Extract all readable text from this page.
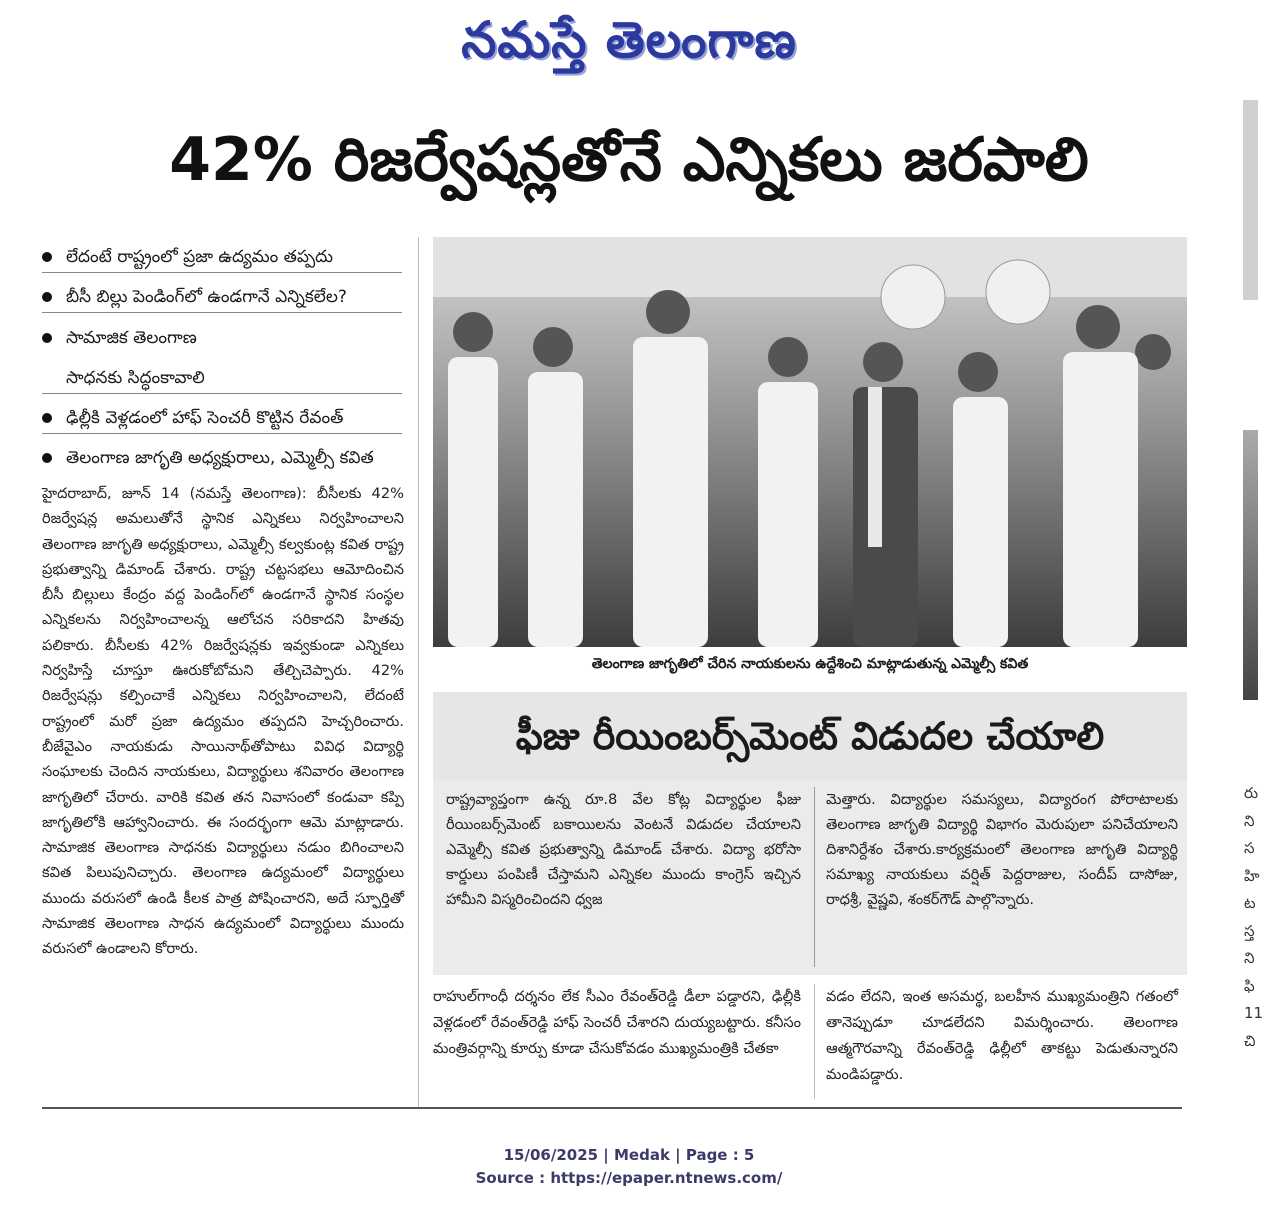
నమస్తే తెలంగాణ
42% రిజర్వేషన్లతోనే ఎన్నికలు జరపాలి
లేదంటే రాష్ట్రంలో ప్రజా ఉద్యమం తప్పదు
బీసీ బిల్లు పెండింగ్‌లో ఉండగానే ఎన్నికలేల?
సామాజిక తెలంగాణ
సాధనకు సిద్ధంకావాలి
ఢిల్లీకి వెళ్లడంలో హాఫ్ సెంచరీ కొట్టిన రేవంత్
తెలంగాణ జాగృతి అధ్యక్షురాలు, ఎమ్మెల్సీ కవిత

హైదరాబాద్, జూన్ 14 (నమస్తే తెలంగాణ): బీసీలకు 42% రిజర్వేషన్ల అమలుతోనే స్థానిక ఎన్నికలు నిర్వహించాలని తెలంగాణ జాగృతి అధ్యక్షురాలు, ఎమ్మెల్సీ కల్వకుంట్ల కవిత రాష్ట్ర ప్రభుత్వాన్ని డిమాండ్ చేశారు. రాష్ట్ర చట్టసభలు ఆమోదించిన బీసీ బిల్లులు కేంద్రం వద్ద పెండింగ్‌లో ఉండగానే స్థానిక సంస్థల ఎన్నికలను నిర్వహించాలన్న ఆలోచన సరికాదని హితవు పలికారు. బీసీలకు 42% రిజర్వేషన్లకు ఇవ్వకుండా ఎన్నికలు నిర్వహిస్తే చూస్తూ ఊరుకోబోమని తేల్చిచెప్పారు. 42% రిజర్వేషన్లు కల్పించాకే ఎన్నికలు నిర్వహించాలని, లేదంటే రాష్ట్రంలో మరో ప్రజా ఉద్యమం తప్పదని హెచ్చరించారు. బీజేవైఎం నాయకుడు సాయినాథ్‌తోపాటు వివిధ విద్యార్థి సంఘాలకు చెందిన నాయకులు, విద్యార్థులు శనివారం తెలంగాణ జాగృతిలో చేరారు. వారికి కవిత తన నివాసంలో కండువా కప్పి జాగృతిలోకి ఆహ్వానించారు. ఈ సందర్భంగా ఆమె మాట్లాడారు. సామాజిక తెలంగాణ సాధనకు విద్యార్థులు నడుం బిగించాలని కవిత పిలుపునిచ్చారు. తెలంగాణ ఉద్యమంలో విద్యార్థులు ముందు వరుసలో ఉండి కీలక పాత్ర పోషించారని, అదే స్ఫూర్తితో సామాజిక తెలంగాణ సాధన ఉద్యమంలో విద్యార్థులు ముందు వరుసలో ఉండాలని కోరారు.

తెలంగాణ జాగృతిలో చేరిన నాయకులను ఉద్దేశించి మాట్లాడుతున్న ఎమ్మెల్సీ కవిత
ఫీజు రీయింబర్స్‌మెంట్ విడుదల చేయాలి

రాష్ట్రవ్యాప్తంగా ఉన్న రూ.8 వేల కోట్ల విద్యార్థుల ఫీజు రీయింబర్స్‌మెంట్ బకాయిలను వెంటనే విడుదల చేయాలని ఎమ్మెల్సీ కవిత ప్రభుత్వాన్ని డిమాండ్ చేశారు. విద్యా భరోసా కార్డులు పంపిణీ చేస్తామని ఎన్నికల ముందు కాంగ్రెస్ ఇచ్చిన హామీని విస్మరించిందని ధ్వజ

మెత్తారు. విద్యార్థుల సమస్యలు, విద్యారంగ పోరాటాలకు తెలంగాణ జాగృతి విద్యార్థి విభాగం మెరుపులా పనిచేయాలని దిశానిర్దేశం చేశారు.కార్యక్రమంలో తెలంగాణ జాగృతి విద్యార్థి సమాఖ్య నాయకులు వర్షిత్ పెద్దరాజుల, సందీప్ దాసోజు, రాధశ్రీ, వైష్ణవి, శంకర్‌గౌడ్ పాల్గొన్నారు.

రాహుల్‌గాంధీ దర్శనం లేక సీఎం రేవంత్‌రెడ్డి డీలా పడ్డారని, ఢిల్లీకి వెళ్లడంలో రేవంత్‌రెడ్డి హాఫ్ సెంచరీ చేశారని దుయ్యబట్టారు. కనీసం మంత్రివర్గాన్ని కూర్పు కూడా చేసుకోవడం ముఖ్యమంత్రికి చేతకా

వడం లేదని, ఇంత అసమర్థ, బలహీన ముఖ్యమంత్రిని గతంలో తానెప్పుడూ చూడలేదని విమర్శించారు. తెలంగాణ ఆత్మగౌరవాన్ని రేవంత్‌రెడ్డి ఢిల్లీలో తాకట్టు పెడుతున్నారని మండిపడ్డారు.

రు
ని
స
హి
ట
స్త
ని
ఫి
11
చి
15/06/2025 | Medak | Page : 5
Source : https://epaper.ntnews.com/
